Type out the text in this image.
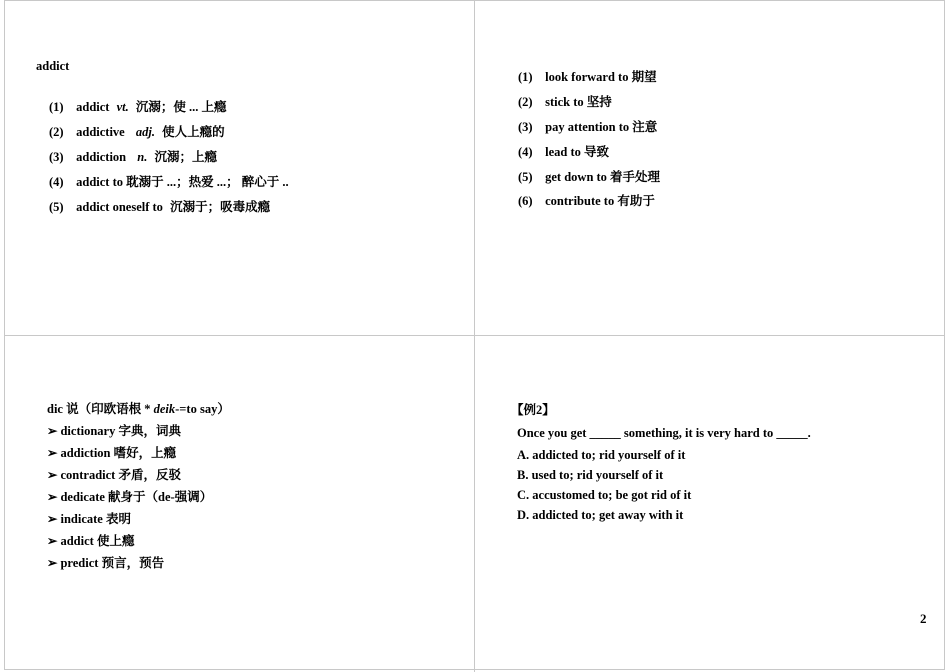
addict
(1) addict vt. 沉溺；使 ... 上瘾
(2) addictive adj. 使人上瘾的
(3) addiction n. 沉溺；上瘾
(4) addict to 耽溺于 ...；热爱 ...； 醉心于 ..
(5) addict oneself to 沉溺于；吸毒成瘾
(1) look forward to 期望
(2) stick to 坚持
(3) pay attention to 注意
(4) lead to 导致
(5) get down to 着手处理
(6) contribute to 有助于
dic 说（印欧语根 * deik-=to say）
➢ dictionary 字典，词典
➢ addiction 嗜好，上瘾
➢ contradict 矛盾，反驳
➢ dedicate 献身于（de-强调）
➢ indicate 表明
➢ addict 使上瘾
➢ predict 预言，预告
【例2】
Once you get _____ something, it is very hard to _____.
A. addicted to; rid yourself of it
B. used to; rid yourself of it
C. accustomed to; be got rid of it
D. addicted to; get away with it
2
